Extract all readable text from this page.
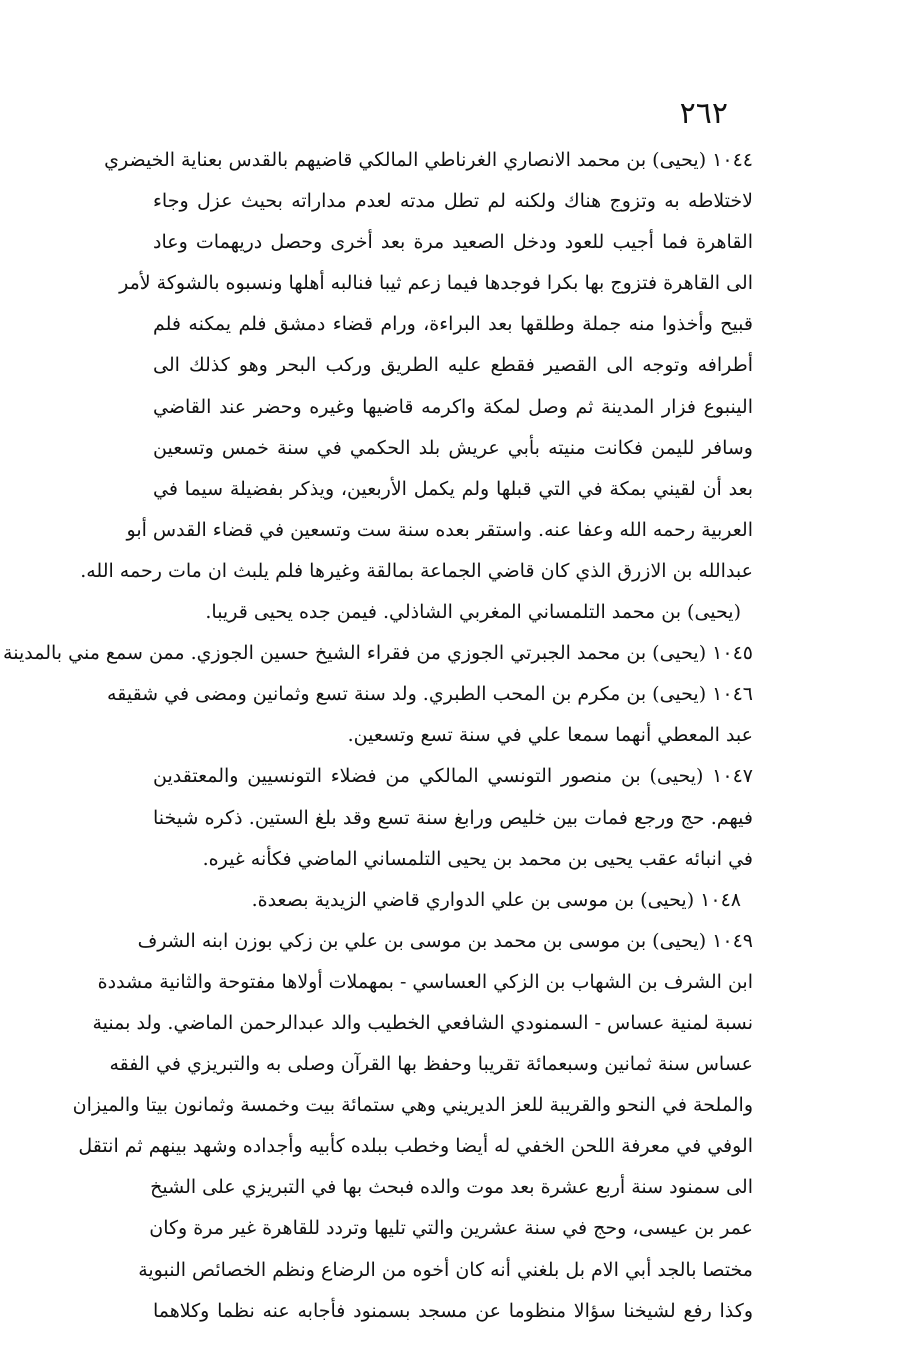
٢٦٢
١٠٤٤ (يحيى) بن محمد الانصاري الغرناطي المالكي قاضيهم بالقدس بعناية الخيضري
لاختلاطه به وتزوج هناك ولكنه لم تطل مدته لعدم مداراته بحيث عزل وجاء
القاهرة فما أجيب للعود ودخل الصعيد مرة بعد أخرى وحصل دريهمات وعاد
الى القاهرة فتزوج بها بكرا فوجدها فيما زعم ثيبا فنالبه أهلها ونسبوه بالشوكة لأمر
قبيح وأخذوا منه جملة وطلقها بعد البراءة، ورام قضاء دمشق فلم يمكنه فلم
أطرافه وتوجه الى القصير فقطع عليه الطريق وركب البحر وهو كذلك الى
الينبوع فزار المدينة ثم وصل لمكة واكرمه قاضيها وغيره وحضر عند القاضي
وسافر لليمن فكانت منيته بأبي عريش بلد الحكمي في سنة خمس وتسعين
بعد أن لقيني بمكة في التي قبلها ولم يكمل الأربعين، ويذكر بفضيلة سيما في
العربية رحمه الله وعفا عنه. واستقر بعده سنة ست وتسعين في قضاء القدس أبو
عبدالله بن الازرق الذي كان قاضي الجماعة بمالقة وغيرها فلم يلبث ان مات رحمه الله.
(يحيى) بن محمد التلمساني المغربي الشاذلي. فيمن جده يحيى قريبا.
١٠٤٥ (يحيى) بن محمد الجبرتي الجوزي من فقراء الشيخ حسين الجوزي. ممن سمع مني بالمدينة
١٠٤٦ (يحيى) بن مكرم بن المحب الطبري. ولد سنة تسع وثمانين ومضى في شقيقه
عبد المعطي أنهما سمعا علي في سنة تسع وتسعين.
١٠٤٧ (يحيى) بن منصور التونسي المالكي من فضلاء التونسيين والمعتقدين
فيهم. حج ورجع فمات بين خليص ورابغ سنة تسع وقد بلغ الستين. ذكره شيخنا
في انبائه عقب يحيى بن محمد بن يحيى التلمساني الماضي فكأنه غيره.
١٠٤٨ (يحيى) بن موسى بن علي الدواري قاضي الزيدية بصعدة.
١٠٤٩ (يحيى) بن موسى بن محمد بن موسى بن علي بن زكي بوزن ابنه الشرف
ابن الشرف بن الشهاب بن الزكي العساسي - بمهملات أولاها مفتوحة والثانية مشددة
نسبة لمنية عساس - السمنودي الشافعي الخطيب والد عبدالرحمن الماضي. ولد بمنية
عساس سنة ثمانين وسبعمائة تقريبا وحفظ بها القرآن وصلى به والتبريزي في الفقه
والملحة في النحو والقريبة للعز الديريني وهي ستمائة بيت وخمسة وثمانون بيتا والميزان
الوفي في معرفة اللحن الخفي له أيضا وخطب ببلده كأبيه وأجداده وشهد بينهم ثم انتقل
الى سمنود سنة أربع عشرة بعد موت والده فبحث بها في التبريزي على الشيخ
عمر بن عيسى، وحج في سنة عشرين والتي تليها وتردد للقاهرة غير مرة وكان
مختصا بالجد أبي الام بل بلغني أنه كان أخوه من الرضاع ونظم الخصائص النبوية
وكذا رفع لشيخنا سؤالا منظوما عن مسجد بسمنود فأجابه عنه نظما وكلاهما
